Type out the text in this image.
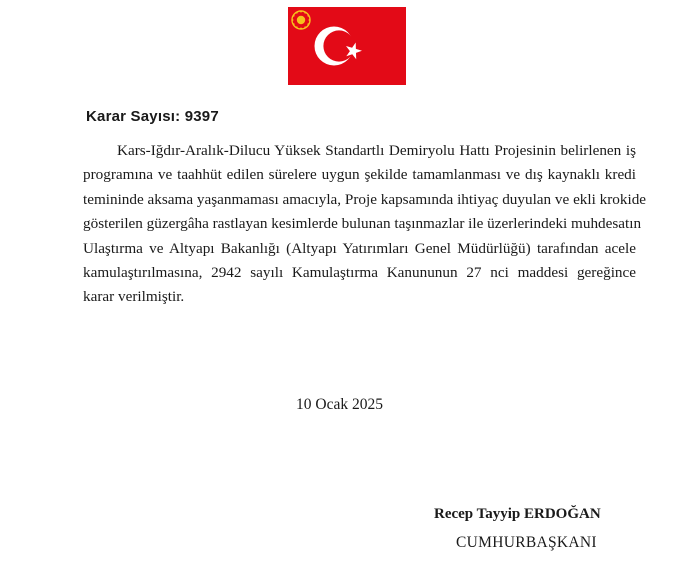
Karar Sayısı: 9397

Kars-Iğdır-Aralık-Dilucu Yüksek Standartlı Demiryolu Hattı Projesinin belirlenen iş
programına ve taahhüt edilen sürelere uygun şekilde tamamlanması ve dış kaynaklı kredi
temininde aksama yaşanmaması amacıyla, Proje kapsamında ihtiyaç duyulan ve ekli krokide
gösterilen güzergâha rastlayan kesimlerde bulunan taşınmazlar ile üzerlerindeki muhdesatın
Ulaştırma ve Altyapı Bakanlığı (Altyapı Yatırımları Genel Müdürlüğü) tarafından acele
kamulaştırılmasına, 2942 sayılı Kamulaştırma Kanununun 27 nci maddesi gereğince
karar verilmiştir.

10 Ocak 2025

Recep Tayyip ERDOĞAN

CUMHURBAŞKANI
